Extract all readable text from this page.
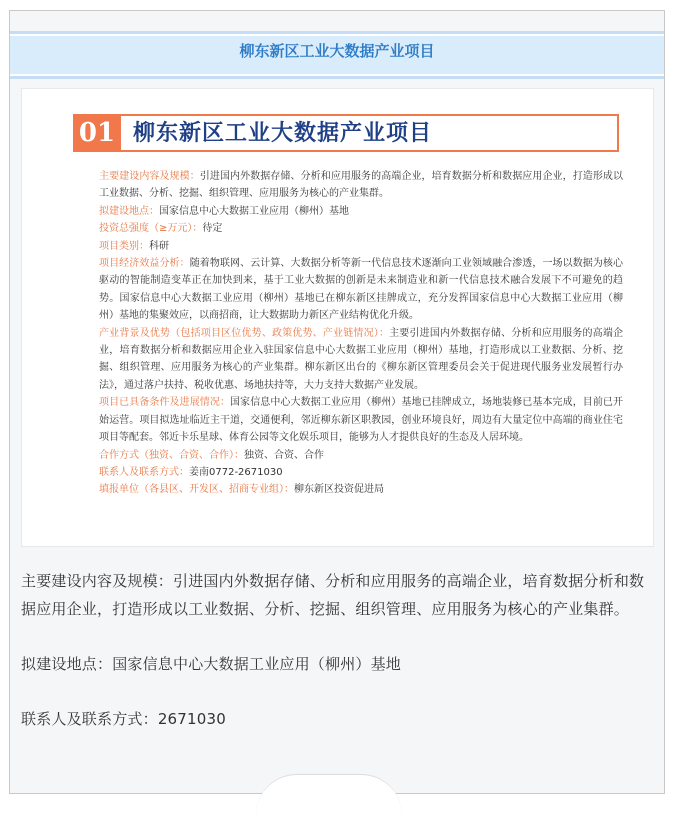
柳东新区工业大数据产业项目
01 柳东新区工业大数据产业项目

主要建设内容及规模：引进国内外数据存储、分析和应用服务的高端企业，培育数据分析和数据应用企业，打造形成以工业数据、分析、挖掘、组织管理、应用服务为核心的产业集群。

拟建设地点：国家信息中心大数据工业应用（柳州）基地

投资总强度（≥万元）：待定

项目类别：科研

项目经济效益分析：随着物联网、云计算、大数据分析等新一代信息技术逐渐向工业领域融合渗透，一场以数据为核心驱动的智能制造变革正在加快到来，基于工业大数据的创新是未来制造业和新一代信息技术融合发展下不可避免的趋势。国家信息中心大数据工业应用（柳州）基地已在柳东新区挂牌成立，充分发挥国家信息中心大数据工业应用（柳州）基地的集聚效应，以商招商，让大数据助力新区产业结构优化升级。

产业背景及优势（包括项目区位优势、政策优势、产业链情况）：主要引进国内外数据存储、分析和应用服务的高端企业，培育数据分析和数据应用企业入驻国家信息中心大数据工业应用（柳州）基地，打造形成以工业数据、分析、挖掘、组织管理、应用服务为核心的产业集群。柳东新区出台的《柳东新区管理委员会关于促进现代服务业发展暂行办法》，通过落户扶持、税收优惠、场地扶持等，大力支持大数据产业发展。

项目已具备条件及进展情况：国家信息中心大数据工业应用（柳州）基地已挂牌成立，场地装修已基本完成，目前已开始运营。项目拟选址临近主干道，交通便利，邻近柳东新区职教园，创业环境良好，周边有大量定位中高端的商业住宅项目等配套。邻近卡乐星球、体育公园等文化娱乐项目，能够为人才提供良好的生态及人居环境。

合作方式（独资、合资、合作）：独资、合资、合作

联系人及联系方式：姜南0772-2671030

填报单位（各县区、开发区、招商专业组）：柳东新区投资促进局

主要建设内容及规模：引进国内外数据存储、分析和应用服务的高端企业，培育数据分析和数据应用企业，打造形成以工业数据、分析、挖掘、组织管理、应用服务为核心的产业集群。

拟建设地点：国家信息中心大数据工业应用（柳州）基地

联系人及联系方式：2671030
